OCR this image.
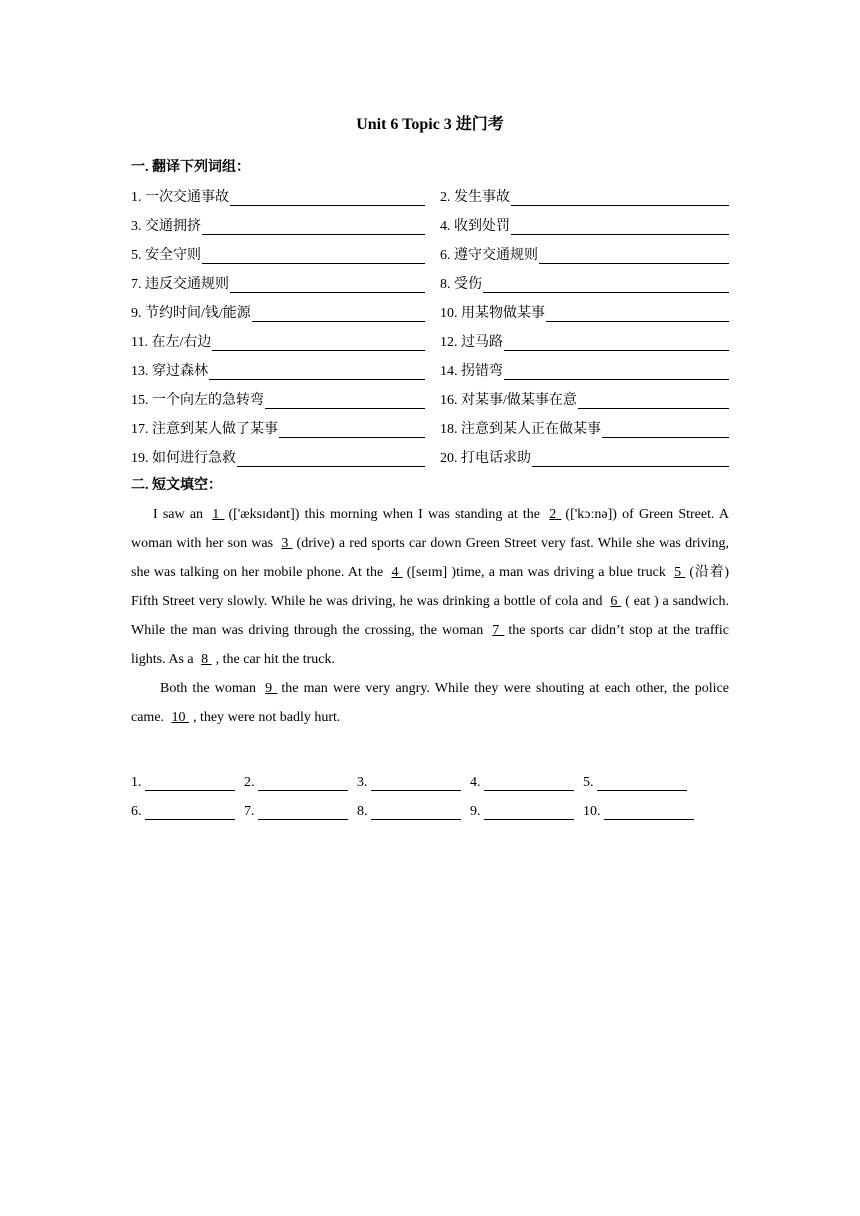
Unit 6 Topic 3 进门考
一. 翻译下列词组：
1. 一次交通事故	2. 发生事故
3. 交通拥挤	4. 收到处罚
5. 安全守则	6. 遵守交通规则
7. 违反交通规则	8. 受伤
9. 节约时间/钱/能源	10. 用某物做某事
11. 在左/右边	12. 过马路
13. 穿过森林	14. 拐错弯
15. 一个向左的急转弯	16. 对某事/做某事在意
17. 注意到某人做了某事	18. 注意到某人正在做某事
19. 如何进行急救	20. 打电话求助
二. 短文填空：

I saw an 1 (['æksɪdənt]) this morning when I was standing at the 2 (['kɔːnə]) of Green Street. A woman with her son was 3 (drive) a red sports car down Green Street very fast. While she was driving, she was talking on her mobile phone. At the 4 ([seɪm] )time, a man was driving a blue truck 5 (沿着) Fifth Street very slowly. While he was driving, he was drinking a bottle of cola and 6 ( eat ) a sandwich. While the man was driving through the crossing, the woman 7 the sports car didn’t stop at the traffic lights. As a 8 , the car hit the truck.

Both the woman 9 the man were very angry. While they were shouting at each other, the police came. 10 , they were not badly hurt.

1.	2.	3.	4.	5.
6.	7.	8.	9.	10.
